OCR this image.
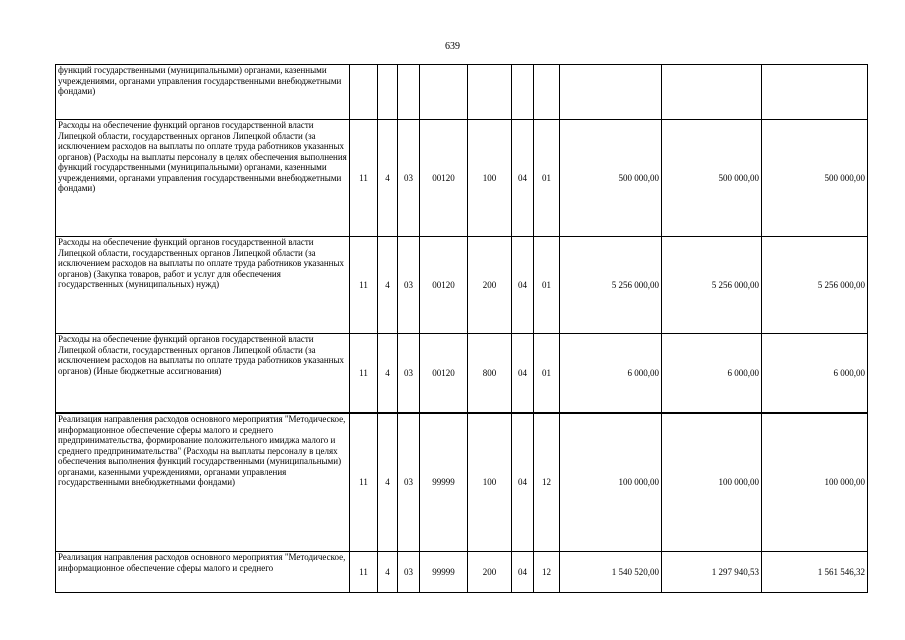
639
функций государственными (муниципальными) органами, казенными учреждениями, органами управления государственными внебюджетными фондами)										
Расходы на обеспечение функций органов государственной власти Липецкой области, государственных органов Липецкой области (за исключением расходов на выплаты по оплате труда работников указанных органов) (Расходы на выплаты персоналу в целях обеспечения выполнения функций государственными (муниципальными) органами, казенными учреждениями, органами управления государственными внебюджетными фондами)	11	4	03	00120	100	04	01	500 000,00	500 000,00	500 000,00
Расходы на обеспечение функций органов государственной власти Липецкой области, государственных органов Липецкой области (за исключением расходов на выплаты по оплате труда работников указанных органов) (Закупка товаров, работ и услуг для обеспечения государственных (муниципальных) нужд)	11	4	03	00120	200	04	01	5 256 000,00	5 256 000,00	5 256 000,00
Расходы на обеспечение функций органов государственной власти Липецкой области, государственных органов Липецкой области (за исключением расходов на выплаты по оплате труда работников указанных органов) (Иные бюджетные ассигнования)	11	4	03	00120	800	04	01	6 000,00	6 000,00	6 000,00
Реализация направления расходов основного мероприятия "Методическое, информационное обеспечение сферы малого и среднего предпринимательства, формирование положительного имиджа малого и среднего предпринимательства" (Расходы на выплаты персоналу в целях обеспечения выполнения функций государственными (муниципальными) органами, казенными учреждениями, органами управления государственными внебюджетными фондами)	11	4	03	99999	100	04	12	100 000,00	100 000,00	100 000,00
Реализация направления расходов основного мероприятия "Методическое, информационное обеспечение сферы малого и среднего	11	4	03	99999	200	04	12	1 540 520,00	1 297 940,53	1 561 546,32
